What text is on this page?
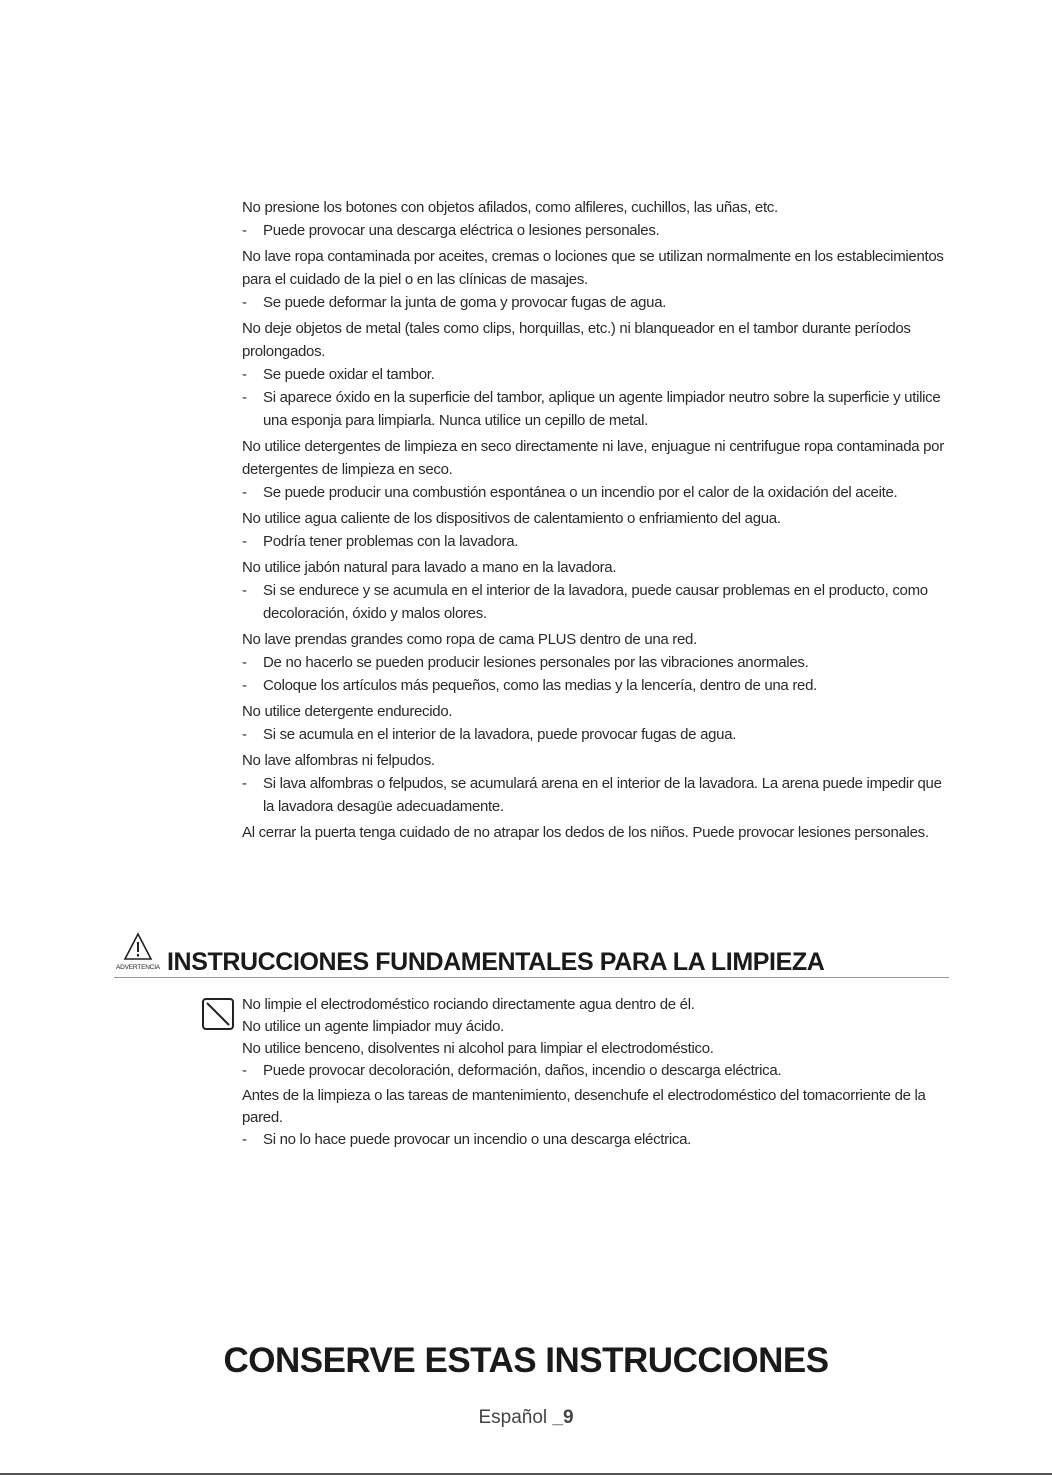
No presione los botones con objetos afilados, como alfileres, cuchillos, las uñas, etc.
- Puede provocar una descarga eléctrica o lesiones personales.
No lave ropa contaminada por aceites, cremas o lociones que se utilizan normalmente en los establecimientos para el cuidado de la piel o en las clínicas de masajes.
- Se puede deformar la junta de goma y provocar fugas de agua.
No deje objetos de metal (tales como clips, horquillas, etc.) ni blanqueador en el tambor durante períodos prolongados.
- Se puede oxidar el tambor.
- Si aparece óxido en la superficie del tambor, aplique un agente limpiador neutro sobre la superficie y utilice una esponja para limpiarla. Nunca utilice un cepillo de metal.
No utilice detergentes de limpieza en seco directamente ni lave, enjuague ni centrifugue ropa contaminada por detergentes de limpieza en seco.
- Se puede producir una combustión espontánea o un incendio por el calor de la oxidación del aceite.
No utilice agua caliente de los dispositivos de calentamiento o enfriamiento del agua.
- Podría tener problemas con la lavadora.
No utilice jabón natural para lavado a mano en la lavadora.
- Si se endurece y se acumula en el interior de la lavadora, puede causar problemas en el producto, como decoloración, óxido y malos olores.
No lave prendas grandes como ropa de cama PLUS dentro de una red.
- De no hacerlo se pueden producir lesiones personales por las vibraciones anormales.
- Coloque los artículos más pequeños, como las medias y la lencería, dentro de una red.
No utilice detergente endurecido.
- Si se acumula en el interior de la lavadora, puede provocar fugas de agua.
No lave alfombras ni felpudos.
- Si lava alfombras o felpudos, se acumulará arena en el interior de la lavadora. La arena puede impedir que la lavadora desagüe adecuadamente.
Al cerrar la puerta tenga cuidado de no atrapar los dedos de los niños. Puede provocar lesiones personales.
ADVERTENCIA INSTRUCCIONES FUNDAMENTALES PARA LA LIMPIEZA
No limpie el electrodoméstico rociando directamente agua dentro de él.
No utilice un agente limpiador muy ácido.
No utilice benceno, disolventes ni alcohol para limpiar el electrodoméstico.
- Puede provocar decoloración, deformación, daños, incendio o descarga eléctrica.
Antes de la limpieza o las tareas de mantenimiento, desenchufe el electrodoméstico del tomacorriente de la pared.
- Si no lo hace puede provocar un incendio o una descarga eléctrica.
CONSERVE ESTAS INSTRUCCIONES
Español _9
